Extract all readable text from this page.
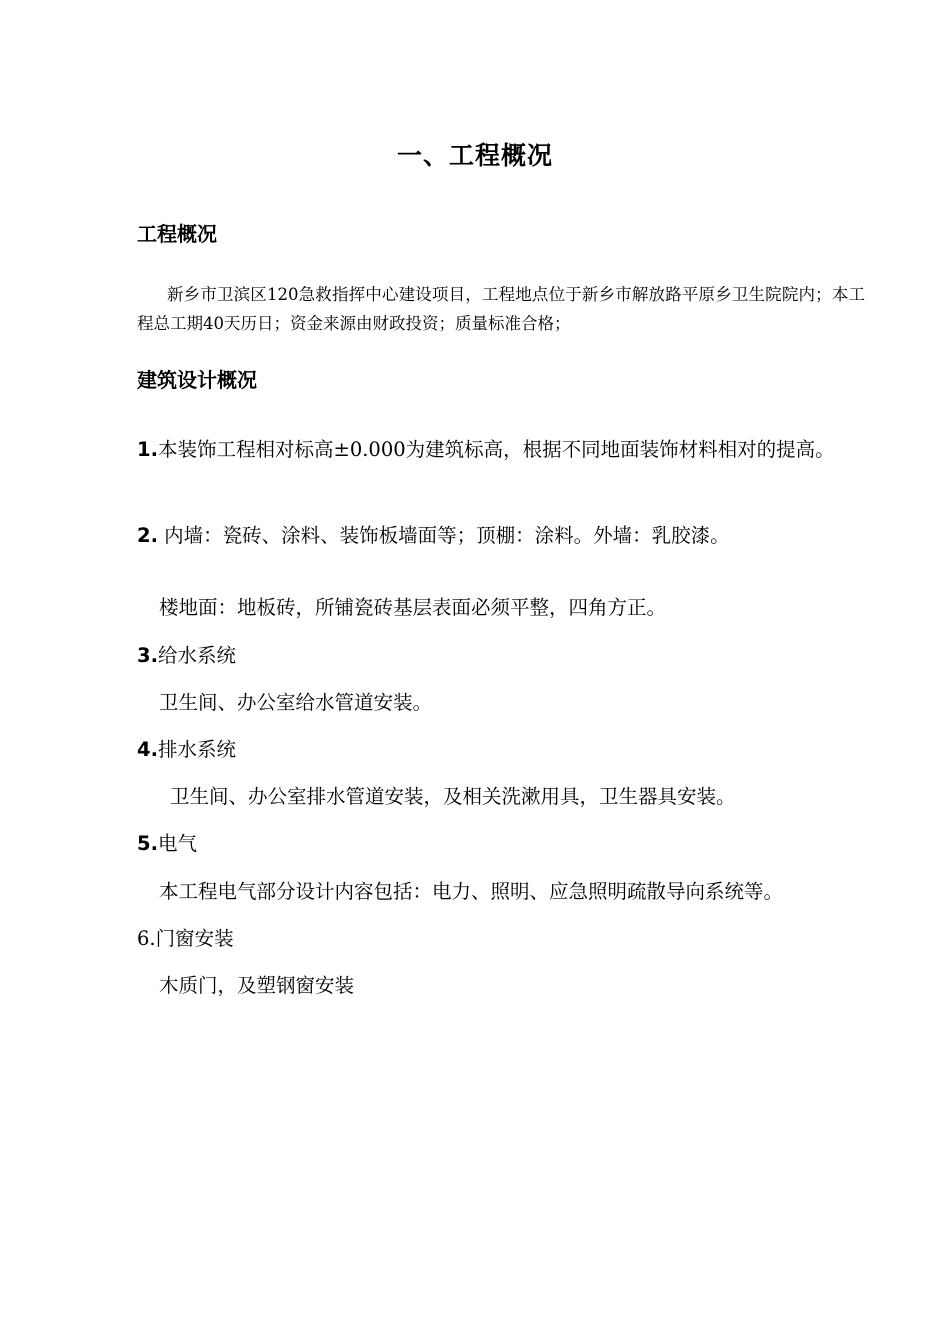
一、工程概况
工程概况
新乡市卫滨区120急救指挥中心建设项目，工程地点位于新乡市解放路平原乡卫生院院内；本工程总工期40天历日；资金来源由财政投资；质量标准合格；
建筑设计概况
1.本装饰工程相对标高±0.000为建筑标高，根据不同地面装饰材料相对的提高。
2. 内墙：瓷砖、涂料、装饰板墙面等；顶棚：涂料。外墙：乳胶漆。
楼地面：地板砖，所铺瓷砖基层表面必须平整，四角方正。
3.给水系统
卫生间、办公室给水管道安装。
4.排水系统
卫生间、办公室排水管道安装，及相关洗漱用具，卫生器具安装。
5.电气
本工程电气部分设计内容包括：电力、照明、应急照明疏散导向系统等。
6.门窗安装
木质门，及塑钢窗安装
